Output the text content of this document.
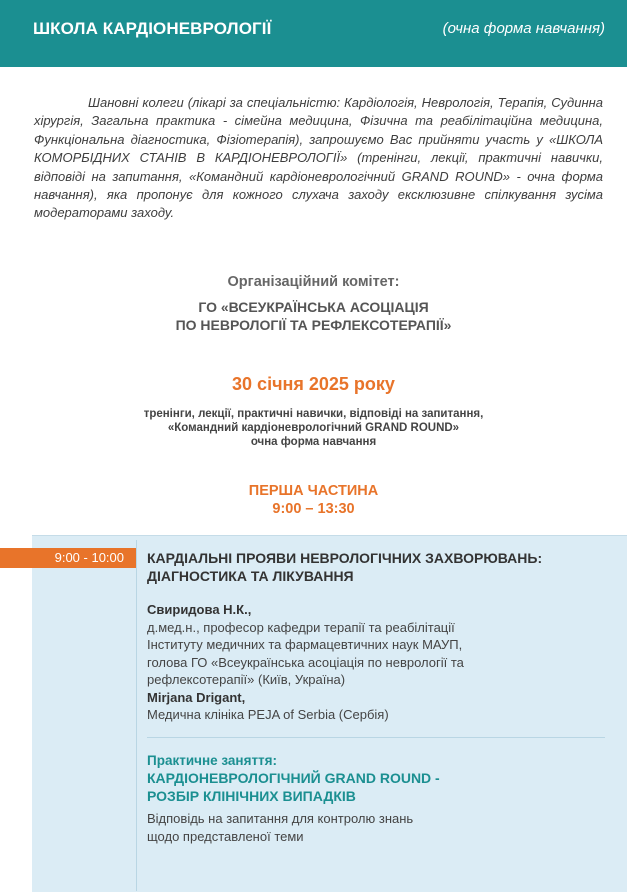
ШКОЛА КАРДІОНЕВРОЛОГІЇ	(очна форма навчання)
Шановні колеги (лікарі за спеціальністю: Кардіологія, Неврологія, Терапія, Судинна хірургія, Загальна практика - сімейна медицина, Фізична та реабілітаційна медицина, Функціональна діагностика, Фізіотерапія), запрошуємо Вас прийняти участь у «ШКОЛА КОМОРБІДНИХ СТАНІВ В КАРДІОНЕВРОЛОГІЇ» (тренінги, лекції, практичні навички, відповіді на запитання, «Командний кардіоневрологічний GRAND ROUND» - очна форма навчання), яка пропонує для кожного слухача заходу ексклюзивне спілкування зусіма модераторами заходу.
Організаційний комітет:
ГО «ВСЕУКРАЇНСЬКА АСОЦІАЦІЯ
ПО НЕВРОЛОГІЇ ТА РЕФЛЕКСОТЕРАПІЇ»
30 січня 2025 року
тренінги, лекції, практичні навички, відповіді на запитання,
«Командний кардіоневрологічний GRAND ROUND»
очна форма навчання
ПЕРША ЧАСТИНА
9:00 – 13:30
9:00 - 10:00	КАРДІАЛЬНІ ПРОЯВИ НЕВРОЛОГІЧНИХ ЗАХВОРЮВАНЬ:
ДІАГНОСТИКА ТА ЛІКУВАННЯ
Свиридова Н.К.,
д.мед.н., професор кафедри терапії та реабілітації
Інституту медичних та фармацевтичних наук МАУП,
голова ГО «Всеукраїнська асоціація по неврології та
рефлексотерапії» (Київ, Україна)
Mirjana Drigant,
Медична клініка PEJA of Serbia (Сербія)
Практичне заняття:
КАРДІОНЕВРОЛОГІЧНИЙ GRAND ROUND -
РОЗБІР КЛІНІЧНИХ ВИПАДКІВ
Відповідь на запитання для контролю знань
щодо представленої теми
